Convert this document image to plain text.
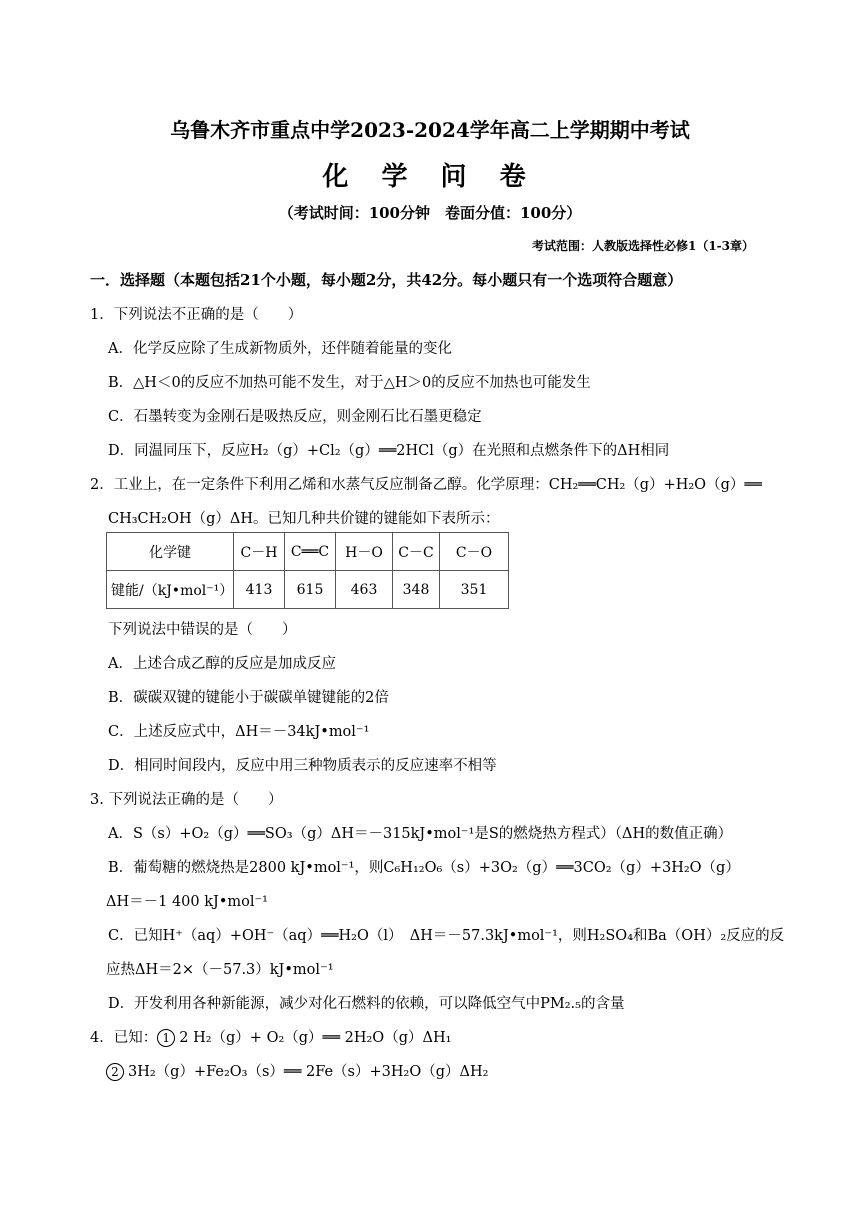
乌鲁木齐市重点中学2023-2024学年高二上学期期中考试
化 学 问 卷
（考试时间：100分钟　卷面分值：100分）
考试范围：人教版选择性必修1（1-3章）
一．选择题（本题包括21个小题，每小题2分，共42分。每小题只有一个选项符合题意）
1．下列说法不正确的是（　　）
A．化学反应除了生成新物质外，还伴随着能量的变化
B．△H＜0的反应不加热可能不发生，对于△H＞0的反应不加热也可能发生
C．石墨转变为金刚石是吸热反应，则金刚石比石墨更稳定
D．同温同压下，反应H₂（g）+Cl₂（g）══2HCl（g）在光照和点燃条件下的ΔH相同
2．工业上，在一定条件下利用乙烯和水蒸气反应制备乙醇。化学原理：CH₂══CH₂（g）+H₂O（g）══
CH₃CH₂OH（g）ΔH。已知几种共价键的键能如下表所示：
化学键	C－H	C══C	H－O	C－C	C－O
键能/（kJ•mol⁻¹）	413	615	463	348	351
下列说法中错误的是（　　）
A．上述合成乙醇的反应是加成反应
B．碳碳双键的键能小于碳碳单键键能的2倍
C．上述反应式中，ΔH＝－34kJ•mol⁻¹
D．相同时间段内，反应中用三种物质表示的反应速率不相等
3. 下列说法正确的是（　　）
A．S（s）+O₂（g）══SO₃（g）ΔH＝－315kJ•mol⁻¹是S的燃烧热方程式）（ΔH的数值正确）
B．葡萄糖的燃烧热是2800 kJ•mol⁻¹，则C₆H₁₂O₆（s）+3O₂（g）══3CO₂（g）+3H₂O（g）
ΔH＝－1 400 kJ•mol⁻¹
C．已知H⁺（aq）+OH⁻（aq）══H₂O（l）　ΔH＝－57.3kJ•mol⁻¹，则H₂SO₄和Ba（OH）₂反应的反
应热ΔH＝2×（－57.3）kJ•mol⁻¹
D．开发利用各种新能源，减少对化石燃料的依赖，可以降低空气中PM₂.₅的含量
4．已知： 1 2 H₂（g）+ O₂（g）══ 2H₂O（g）ΔH₁
2 3H₂（g）+Fe₂O₃（s）══ 2Fe（s）+3H₂O（g）ΔH₂
